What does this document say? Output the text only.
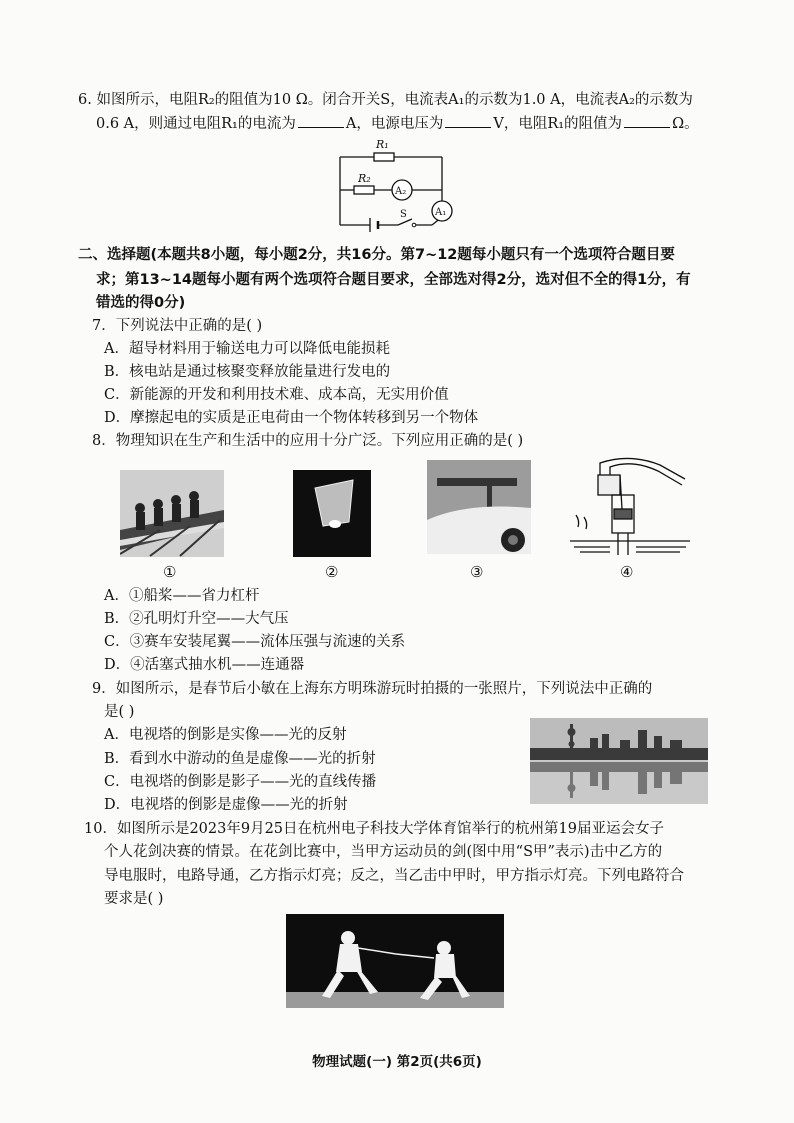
6. 如图所示，电阻R₂的阻值为10 Ω。闭合开关S，电流表A₁的示数为1.0 A，电流表A₂的示数为
0.6 A，则通过电阻R₁的电流为	A，电源电压为	V，电阻R₁的阻值为	Ω。
R₁
R₂
A₂
A₁
S
二、选择题(本题共8小题，每小题2分，共16分。第7~12题每小题只有一个选项符合题目要
求；第13~14题每小题有两个选项符合题目要求，全部选对得2分，选对但不全的得1分，有
错选的得0分)
7．下列说法中正确的是( )
A．超导材料用于输送电力可以降低电能损耗
B．核电站是通过核聚变释放能量进行发电的
C．新能源的开发和利用技术难、成本高，无实用价值
D．摩擦起电的实质是正电荷由一个物体转移到另一个物体
8．物理知识在生产和生活中的应用十分广泛。下列应用正确的是( )
①	②	③	④
A．①船桨——省力杠杆
B．②孔明灯升空——大气压
C．③赛车安装尾翼——流体压强与流速的关系
D．④活塞式抽水机——连通器
9．如图所示，是春节后小敏在上海东方明珠游玩时拍摄的一张照片，下列说法中正确的
是( )
A．电视塔的倒影是实像——光的反射
B．看到水中游动的鱼是虚像——光的折射
C．电视塔的倒影是影子——光的直线传播
D．电视塔的倒影是虚像——光的折射
10．如图所示是2023年9月25日在杭州电子科技大学体育馆举行的杭州第19届亚运会女子
个人花剑决赛的情景。在花剑比赛中，当甲方运动员的剑(图中用“S甲”表示)击中乙方的
导电服时，电路导通，乙方指示灯亮；反之，当乙击中甲时，甲方指示灯亮。下列电路符合
要求是( )
物理试题(一) 第2页(共6页)
